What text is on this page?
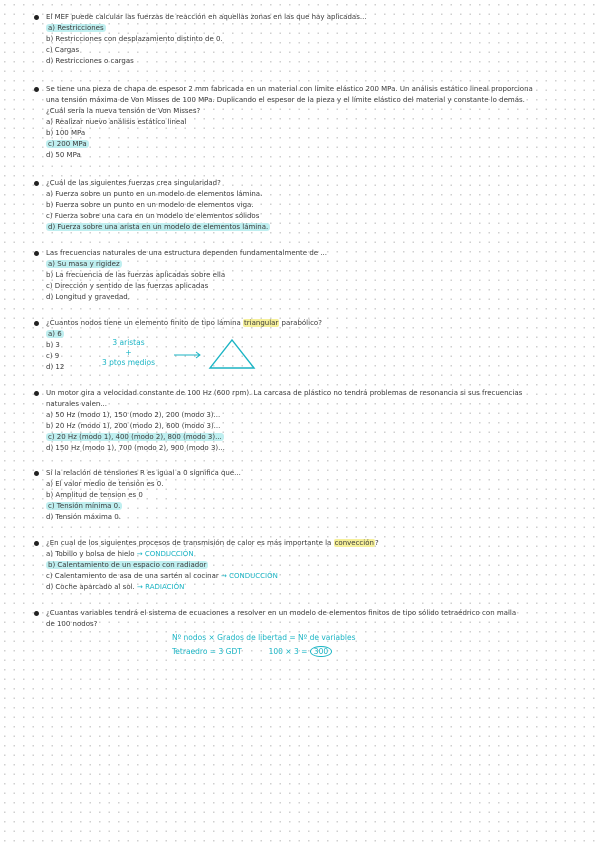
El MEF puede calcular las fuerzas de reacción en aquellas zonas en las que hay aplicadas...
a) Restricciones
b) Restricciones con desplazamiento distinto de 0.
c) Cargas
d) Restricciones o cargas
Se tiene una pieza de chapa de espesor 2 mm fabricada en un material con límite elástico 200 MPa. Un análisis estático lineal proporciona
una tensión máxima de Von Misses de 100 MPa. Duplicando el espesor de la pieza y el límite elástico del material y constante lo demás.
¿Cuál sería la nueva tensión de Von Misses?
a) Realizar nuevo análisis estático lineal
b) 100 MPa
c) 200 MPa
d) 50 MPa
¿Cuál de las siguientes fuerzas crea singularidad?
a) Fuerza sobre un punto en un modelo de elementos lámina.
b) Fuerza sobre un punto en un modelo de elementos viga.
c) Fuerza sobre una cara en un modelo de elementos sólidos
d) Fuerza sobre una arista en un modelo de elementos lámina.
Las frecuencias naturales de una estructura dependen fundamentalmente de ...
a) Su masa y rigidez
b) La frecuencia de las fuerzas aplicadas sobre ella
c) Dirección y sentido de las fuerzas aplicadas
d) Longitud y gravedad.
¿Cuantos nodos tiene un elemento finito de tipo lámina triangular parabólico?
a) 6
b) 3
c) 9
d) 12
3 aristas
+
3 ptos medios
Un motor gira a velocidad constante de 100 Hz (600 rpm). La carcasa de plástico no tendrá problemas de resonancia si sus frecuencias
naturales valen...
a) 50 Hz (modo 1), 150 (modo 2), 200 (modo 3)...
b) 20 Hz (modo 1), 200 (modo 2), 600 (modo 3)...
c) 20 Hz (modo 1), 400 (modo 2), 800 (modo 3)...
d) 150 Hz (modo 1), 700 (modo 2), 900 (modo 3)...
Si la relación de tensiones R es igual a 0 significa que...
a) El valor medio de tensión es 0.
b) Amplitud de tension es 0
c) Tensión mínima 0.
d) Tensión máxima 0.
¿En cual de los siguientes procesos de transmisión de calor es más importante la convección?
a) Tobillo y bolsa de hielo → CONDUCCIÓN
b) Calentamiento de un espacio con radiador
c) Calentamiento de asa de una sartén al cocinar → CONDUCCIÓN
d) Coche aparcado al sol. → RADIACIÓN
¿Cuantas variables tendrá el sistema de ecuaciones a resolver en un modelo de elementos finitos de tipo sólido tetraédrico con malla
de 100 nodos?
Nº nodos × Grados de libertad = Nº de variables
Tetraedro = 3 GDT	100 × 3 = 300
